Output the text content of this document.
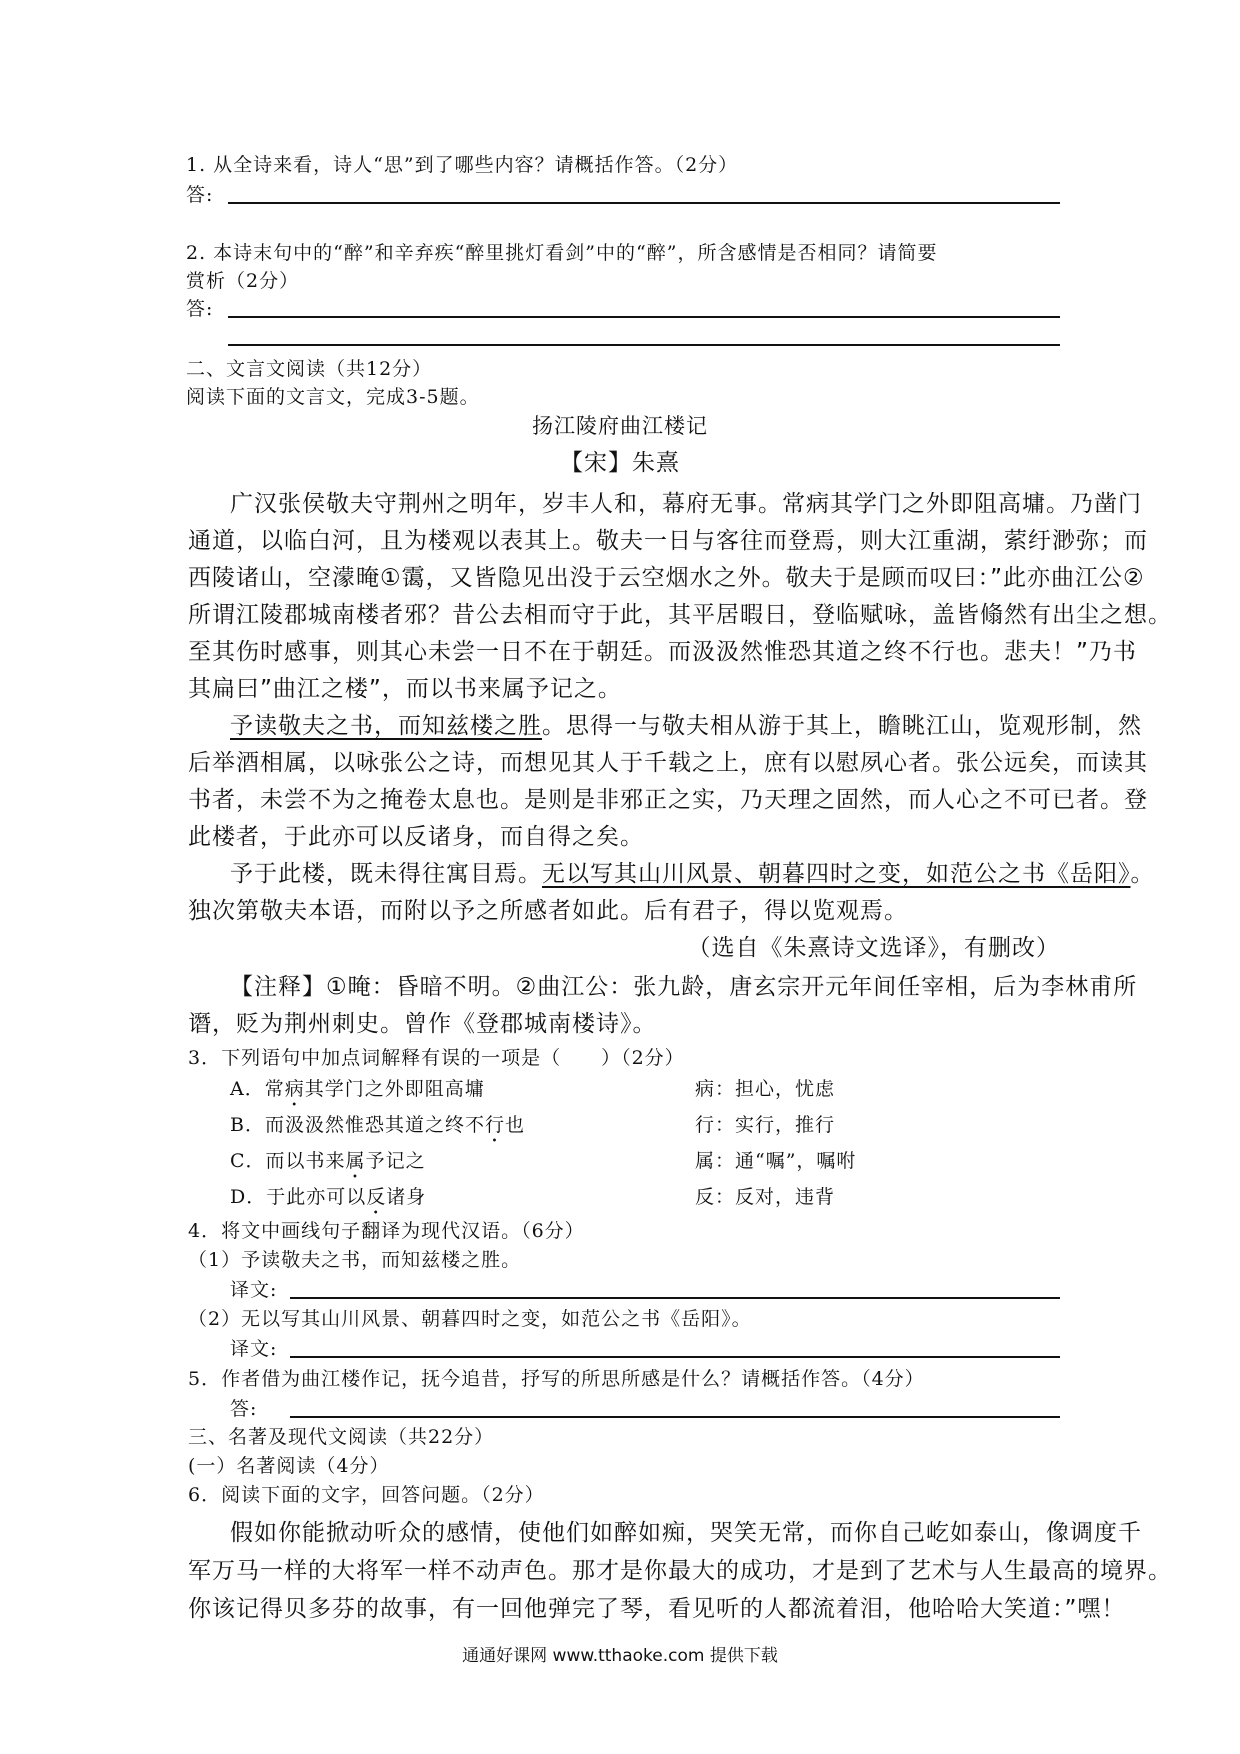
1. 从全诗来看，诗人“思”到了哪些内容？请概括作答。（2分）
答:
2. 本诗末句中的“醉”和辛弃疾“醉里挑灯看剑”中的“醉”，所含感情是否相同？请简要
赏析（2分）
答:
二、文言文阅读（共12分）
阅读下面的文言文，完成3-5题。
扬江陵府曲江楼记
【宋】朱熹
广汉张侯敬夫守荆州之明年，岁丰人和，幕府无事。常病其学门之外即阻高墉。乃凿门
通道，以临白河，且为楼观以表其上。敬夫一日与客往而登焉，则大江重湖，萦纡渺弥；而
西陵诸山，空濛晻①霭，又皆隐见出没于云空烟水之外。敬夫于是顾而叹曰：”此亦曲江公②
所谓江陵郡城南楼者邪？昔公去相而守于此，其平居暇日，登临赋咏，盖皆翛然有出尘之想。
至其伤时感事，则其心未尝一日不在于朝廷。而汲汲然惟恐其道之终不行也。悲夫！”乃书
其扁曰”曲江之楼”，而以书来属予记之。
予读敬夫之书，而知兹楼之胜。思得一与敬夫相从游于其上，瞻眺江山，览观形制，然
后举酒相属，以咏张公之诗，而想见其人于千载之上，庶有以慰夙心者。张公远矣，而读其
书者，未尝不为之掩卷太息也。是则是非邪正之实，乃天理之固然，而人心之不可已者。登
此楼者，于此亦可以反诸身，而自得之矣。
予于此楼，既未得往寓目焉。无以写其山川风景、朝暮四时之变，如范公之书《岳阳》。
独次第敬夫本语，而附以予之所感者如此。后有君子，得以览观焉。
（选自《朱熹诗文选译》，有删改）
【注释】①晻：昏暗不明。②曲江公：张九龄，唐玄宗开元年间任宰相，后为李林甫所
谮，贬为荆州刺史。曾作《登郡城南楼诗》。
3．下列语句中加点词解释有误的一项是（　　）（2分）
A．常病其学门之外即阻高墉	病：担心，忧虑
B．而汲汲然惟恐其道之终不行也	行：实行，推行
C．而以书来属予记之	属：通“嘱”，嘱咐
D．于此亦可以反诸身	反：反对，违背
4．将文中画线句子翻译为现代汉语。（6分）
（1）予读敬夫之书，而知兹楼之胜。
译文:
（2）无以写其山川风景、朝暮四时之变，如范公之书《岳阳》。
译文:
5．作者借为曲江楼作记，抚今追昔，抒写的所思所感是什么？请概括作答。（4分）
答:
三、名著及现代文阅读（共22分）
(一）名著阅读（4分）
6．阅读下面的文字，回答问题。（2分）
假如你能掀动听众的感情，使他们如醉如痴，哭笑无常，而你自己屹如泰山，像调度千
军万马一样的大将军一样不动声色。那才是你最大的成功，才是到了艺术与人生最高的境界。
你该记得贝多芬的故事，有一回他弹完了琴，看见听的人都流着泪，他哈哈大笑道：”嘿！
通通好课网 www.tthaoke.com 提供下载
